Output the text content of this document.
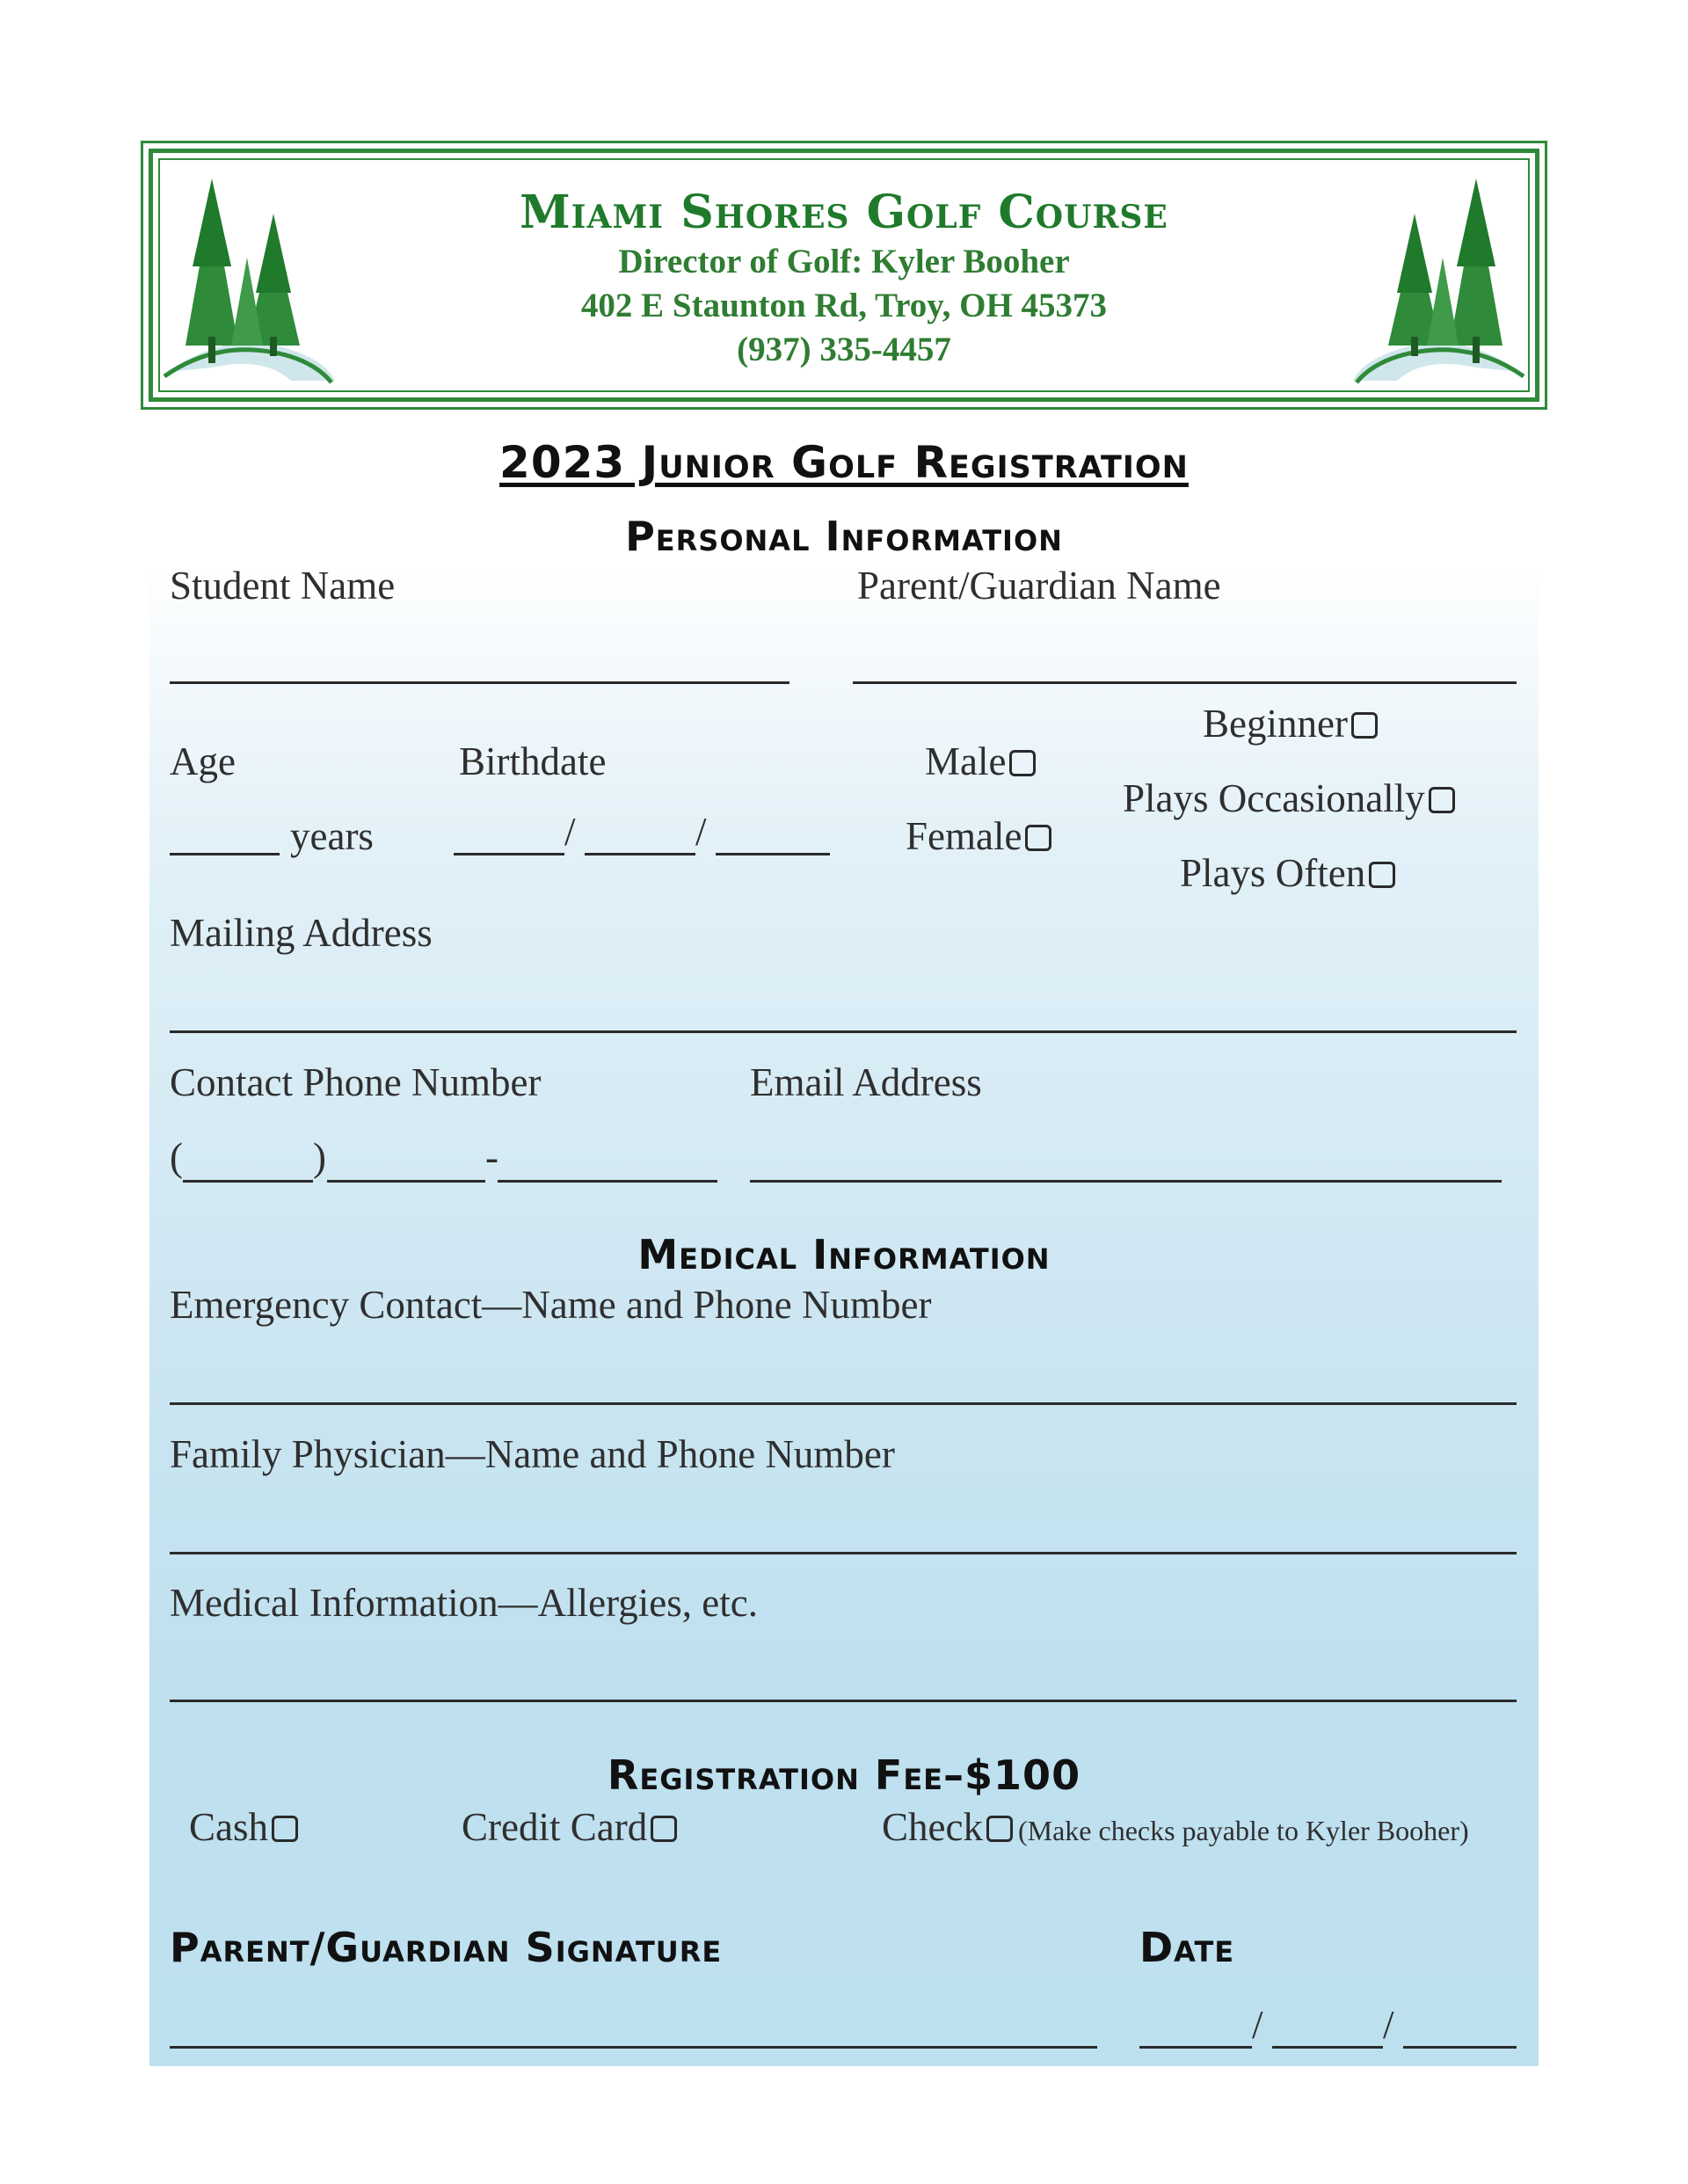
Miami Shores Golf Course
Director of Golf: Kyler Booher
402 E Staunton Rd, Troy, OH 45373
(937) 335-4457
2023 Junior Golf Registration
Personal Information
Student Name	Parent/Guardian Name
Age	Birthdate
years	/	/
Male
Female
Beginner
Plays Occasionally
Plays Often
Mailing Address
Contact Phone Number	Email Address
(	)	-
Medical Information
Emergency Contact—Name and Phone Number
Family Physician—Name and Phone Number
Medical Information—Allergies, etc.
Registration Fee–$100
Cash	Credit Card	Check (Make checks payable to Kyler Booher)
Parent/Guardian Signature	Date
/	/
